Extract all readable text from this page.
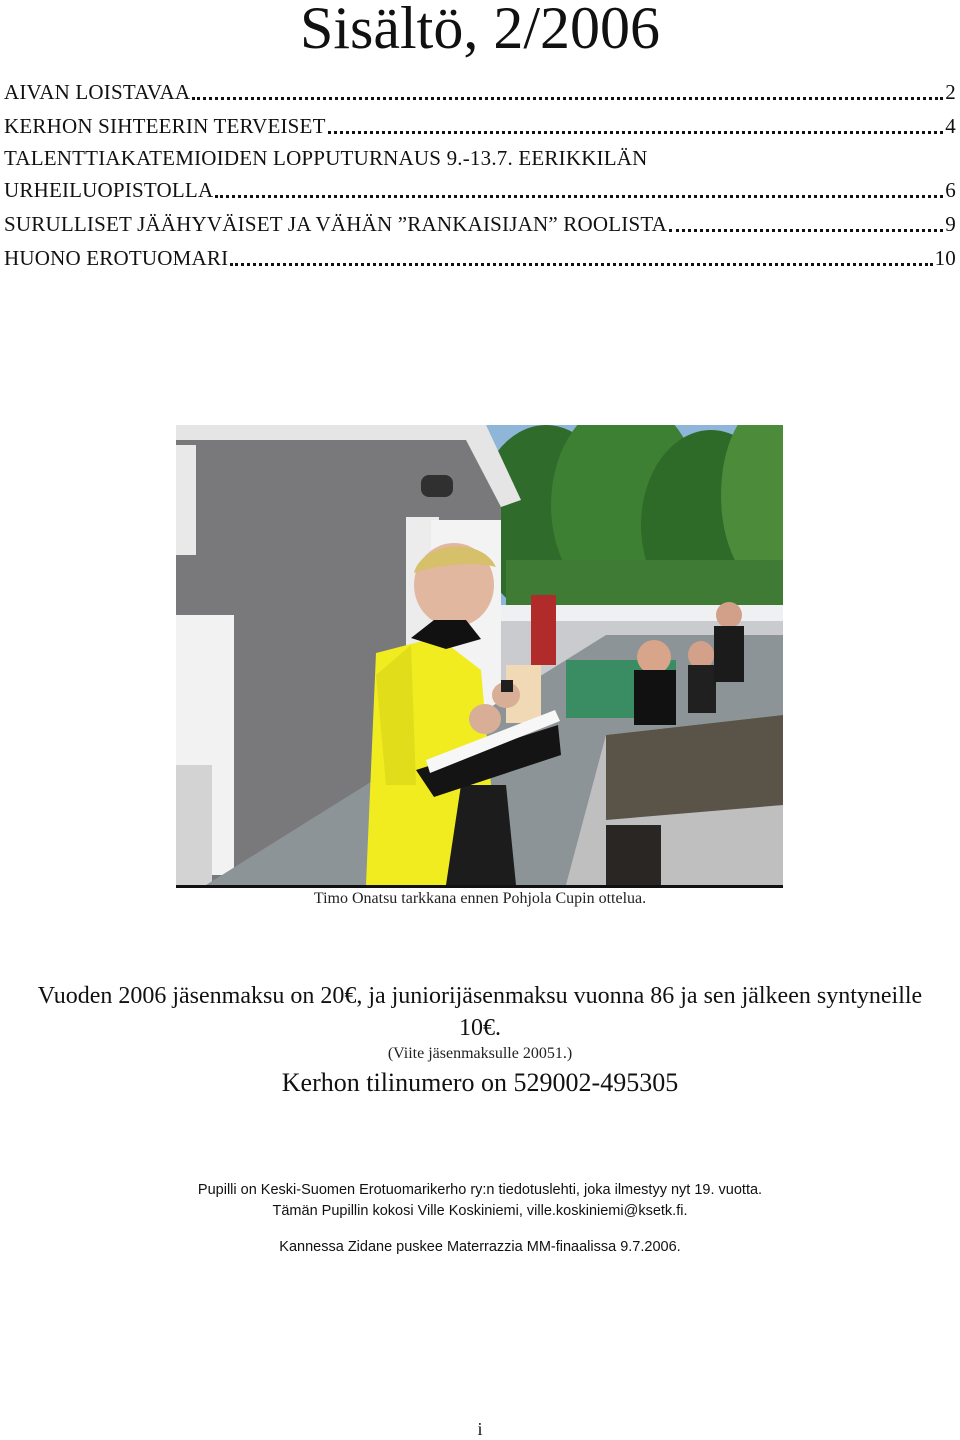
Sisältö, 2/2006
AIVAN LOISTAVAA	2
KERHON SIHTEERIN TERVEISET	4
TALENTTIAKATEMIOIDEN LOPPUTURNAUS 9.-13.7. EERIKKILÄN
URHEILUOPISTOLLA	6
SURULLISET JÄÄHYVÄISET JA VÄHÄN ”RANKAISIJAN” ROOLISTA	9
HUONO EROTUOMARI	10
Timo Onatsu tarkkana ennen Pohjola Cupin ottelua.
Vuoden 2006 jäsenmaksu on 20€, ja juniorijäsenmaksu vuonna 86 ja sen jälkeen syntyneille 10€.
(Viite jäsenmaksulle 20051.)
Kerhon tilinumero on 529002-495305
Pupilli on Keski-Suomen Erotuomarikerho ry:n tiedotuslehti, joka ilmestyy nyt 19. vuotta.
Tämän Pupillin kokosi Ville Koskiniemi, ville.koskiniemi@ksetk.fi.
Kannessa Zidane puskee Materrazzia MM-finaalissa 9.7.2006.
i
